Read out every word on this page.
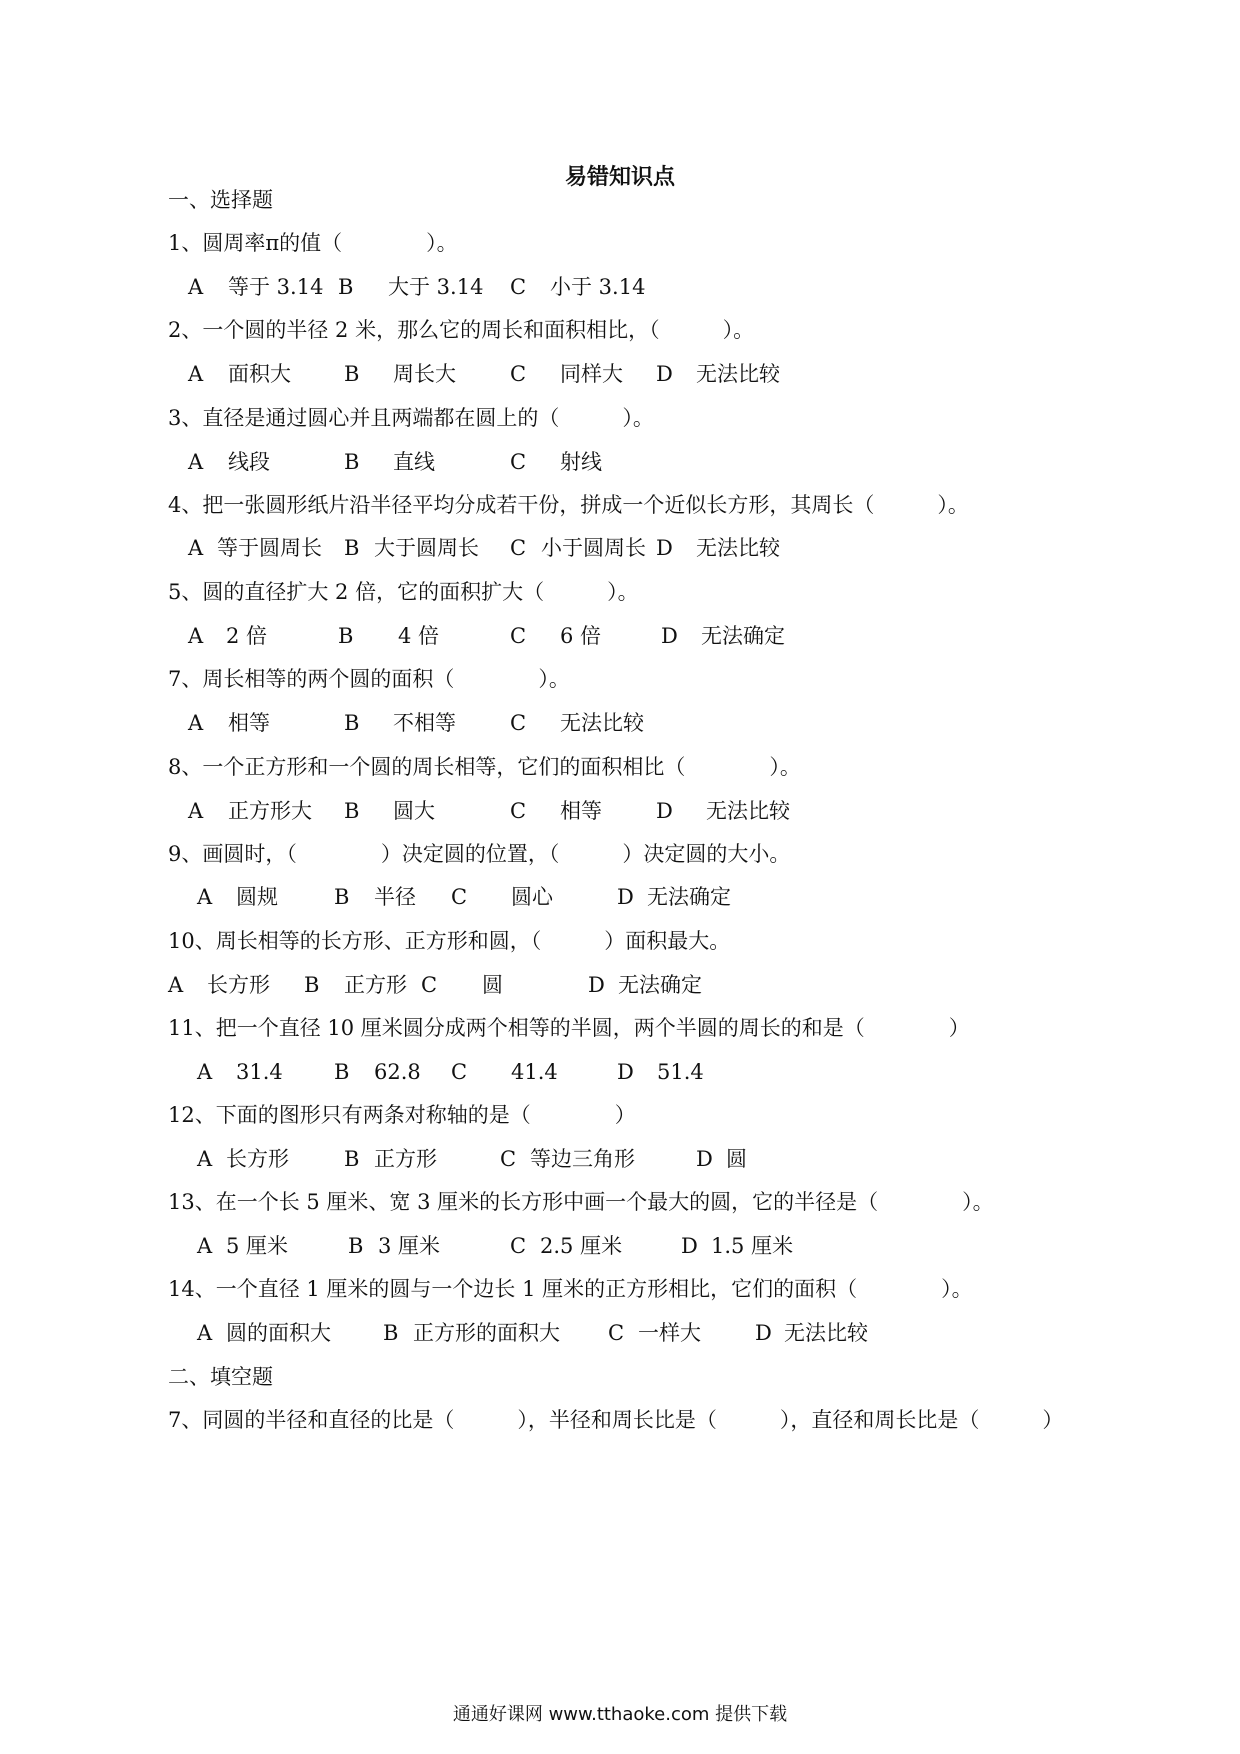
易错知识点
一、选择题
1、圆周率π的值（　　　　）。
A 等于 3.14 B 大于 3.14 C 小于 3.14
2、一个圆的半径 2 米，那么它的周长和面积相比，（　　　）。
A 面积大	B 周长大	C 同样大 D 无法比较
3、直径是通过圆心并且两端都在圆上的（　　　）。
A 线段	B 直线	C 射线
4、把一张圆形纸片沿半径平均分成若干份，拼成一个近似长方形，其周长（　　　）。
A 等于圆周长 B 大于圆周长 C 小于圆周长 D 无法比较
5、圆的直径扩大 2 倍，它的面积扩大（　　　）。
A 2 倍	B 4 倍	C 6 倍	D 无法确定
7、周长相等的两个圆的面积（　　　　）。
A 相等	B 不相等	C 无法比较
8、一个正方形和一个圆的周长相等，它们的面积相比（　　　　）。
A 正方形大 B 圆大	C 相等	D 无法比较
9、画圆时，（　　　　）决定圆的位置，（　　　）决定圆的大小。
A 圆规	B 半径 C 圆心	D 无法确定
10、周长相等的长方形、正方形和圆，（　　　）面积最大。
A 长方形 B 正方形 C 圆	D 无法确定
11、把一个直径 10 厘米圆分成两个相等的半圆，两个半圆的周长的和是（　　　　）
A 31.4 B 62.8 C 41.4	D 51.4
12、下面的图形只有两条对称轴的是（　　　　）
A 长方形	B 正方形	C 等边三角形	D 圆
13、在一个长 5 厘米、宽 3 厘米的长方形中画一个最大的圆，它的半径是（　　　　）。
A 5 厘米	B 3 厘米	C 2.5 厘米	D 1.5 厘米
14、一个直径 1 厘米的圆与一个边长 1 厘米的正方形相比，它们的面积（　　　　）。
A 圆的面积大 B 正方形的面积大 C 一样大	D 无法比较
二、填空题
7、同圆的半径和直径的比是（　　　），半径和周长比是（　　　），直径和周长比是（　　　）
通通好课网 www.tthaoke.com 提供下载
